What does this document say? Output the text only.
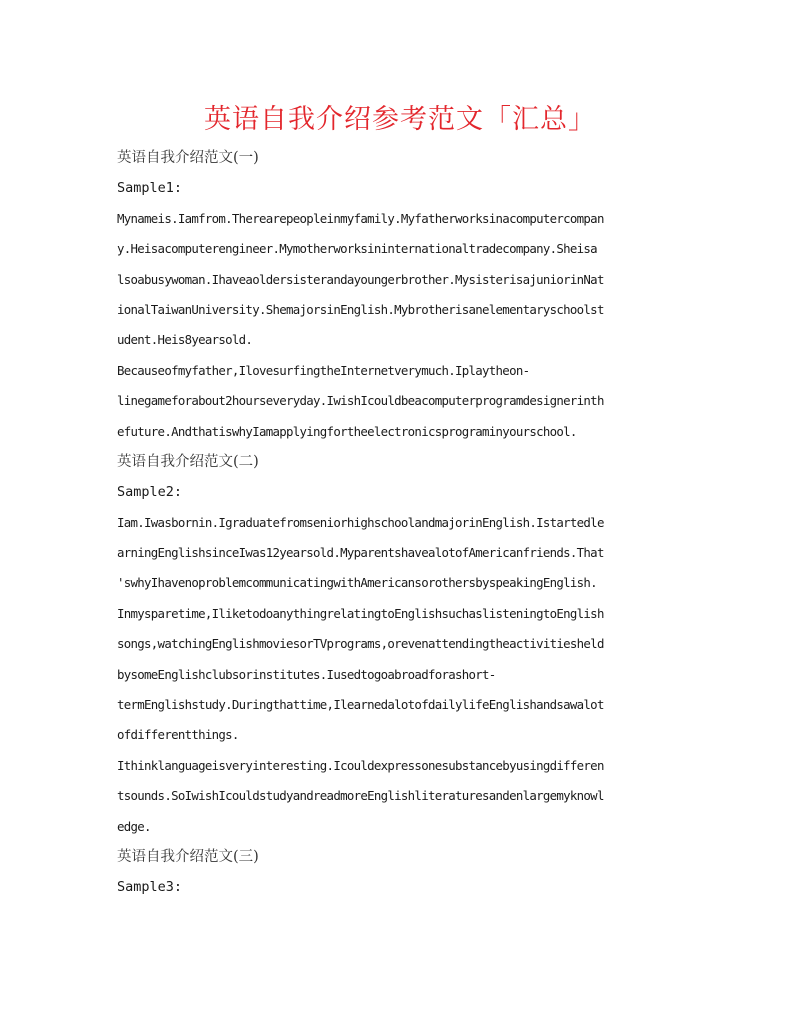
英语自我介绍参考范文「汇总」
英语自我介绍范文(一)
Sample1:
Mynameis.Iamfrom.Therearepeopleinmyfamily.Myfatherworksinacomputercompan
y.Heisacomputerengineer.Mymotherworksininternationaltradecompany.Sheisa
lsoabusywoman.Ihaveaoldersisterandayoungerbrother.MysisterisajuniorinNat
ionalTaiwanUniversity.ShemajorsinEnglish.Mybrotherisanelementaryschoolst
udent.Heis8yearsold.
Becauseofmyfather,IlovesurfingtheInternetverymuch.Iplaytheon-
linegameforabout2hourseveryday.IwishIcouldbeacomputerprogramdesignerinth
efuture.AndthatiswhyIamapplyingfortheelectronicsprograminyourschool.
英语自我介绍范文(二)
Sample2:
Iam.Iwasbornin.IgraduatefromseniorhighschoolandmajorinEnglish.Istartedle
arningEnglishsinceIwas12yearsold.MyparentshavealotofAmericanfriends.That
'swhyIhavenoproblemcommunicatingwithAmericansorothersbyspeakingEnglish.
Inmysparetime,IliketodoanythingrelatingtoEnglishsuchaslisteningtoEnglish
songs,watchingEnglishmoviesorTVprograms,orevenattendingtheactivitiesheld
bysomeEnglishclubsorinstitutes.Iusedtogoabroadforashort-
termEnglishstudy.Duringthattime,IlearnedalotofdailylifeEnglishandsawalot
ofdifferentthings.
Ithinklanguageisveryinteresting.Icouldexpressonesubstancebyusingdifferen
tsounds.SoIwishIcouldstudyandreadmoreEnglishliteraturesandenlargemyknowl
edge.
英语自我介绍范文(三)
Sample3:
